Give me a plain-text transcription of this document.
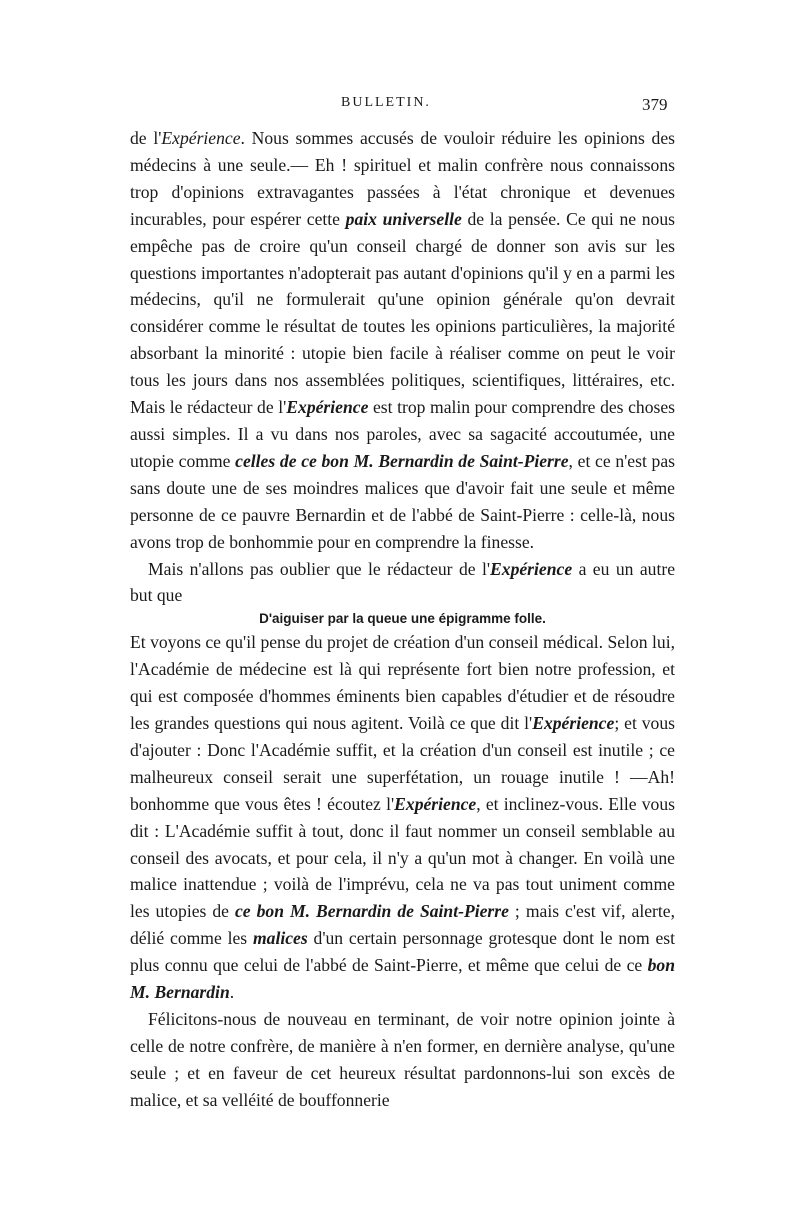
BULLETIN.	379

de l'Expérience. Nous sommes accusés de vouloir réduire les opinions des médecins à une seule.— Eh ! spirituel et malin confrère nous connaissons trop d'opinions extravagantes passées à l'état chronique et devenues incurables, pour espérer cette paix universelle de la pensée. Ce qui ne nous empêche pas de croire qu'un conseil chargé de donner son avis sur les questions importantes n'adopterait pas autant d'opinions qu'il y en a parmi les médecins, qu'il ne formulerait qu'une opinion générale qu'on devrait considérer comme le résultat de toutes les opinions particulières, la majorité absorbant la minorité : utopie bien facile à réaliser comme on peut le voir tous les jours dans nos assemblées politiques, scientifiques, littéraires, etc. Mais le rédacteur de l'Expérience est trop malin pour comprendre des choses aussi simples. Il a vu dans nos paroles, avec sa sagacité accoutumée, une utopie comme celles de ce bon M. Bernardin de Saint-Pierre, et ce n'est pas sans doute une de ses moindres malices que d'avoir fait une seule et même personne de ce pauvre Bernardin et de l'abbé de Saint-Pierre : celle-là, nous avons trop de bonhommie pour en comprendre la finesse.

Mais n'allons pas oublier que le rédacteur de l'Expérience a eu un autre but que

D'aiguiser par la queue une épigramme folle.

Et voyons ce qu'il pense du projet de création d'un conseil médical. Selon lui, l'Académie de médecine est là qui représente fort bien notre profession, et qui est composée d'hommes éminents bien capables d'étudier et de résoudre les grandes questions qui nous agitent. Voilà ce que dit l'Expérience; et vous d'ajouter : Donc l'Académie suffit, et la création d'un conseil est inutile ; ce malheureux conseil serait une superfétation, un rouage inutile ! —Ah! bonhomme que vous êtes ! écoutez l'Expérience, et inclinez-vous. Elle vous dit : L'Académie suffit à tout, donc il faut nommer un conseil semblable au conseil des avocats, et pour cela, il n'y a qu'un mot à changer. En voilà une malice inattendue ; voilà de l'imprévu, cela ne va pas tout uniment comme les utopies de ce bon M. Bernardin de Saint-Pierre ; mais c'est vif, alerte, délié comme les malices d'un certain personnage grotesque dont le nom est plus connu que celui de l'abbé de Saint-Pierre, et même que celui de ce bon M. Bernardin.

Félicitons-nous de nouveau en terminant, de voir notre opinion jointe à celle de notre confrère, de manière à n'en former, en dernière analyse, qu'une seule ; et en faveur de cet heureux résultat pardonnons-lui son excès de malice, et sa velléité de bouffonnerie
